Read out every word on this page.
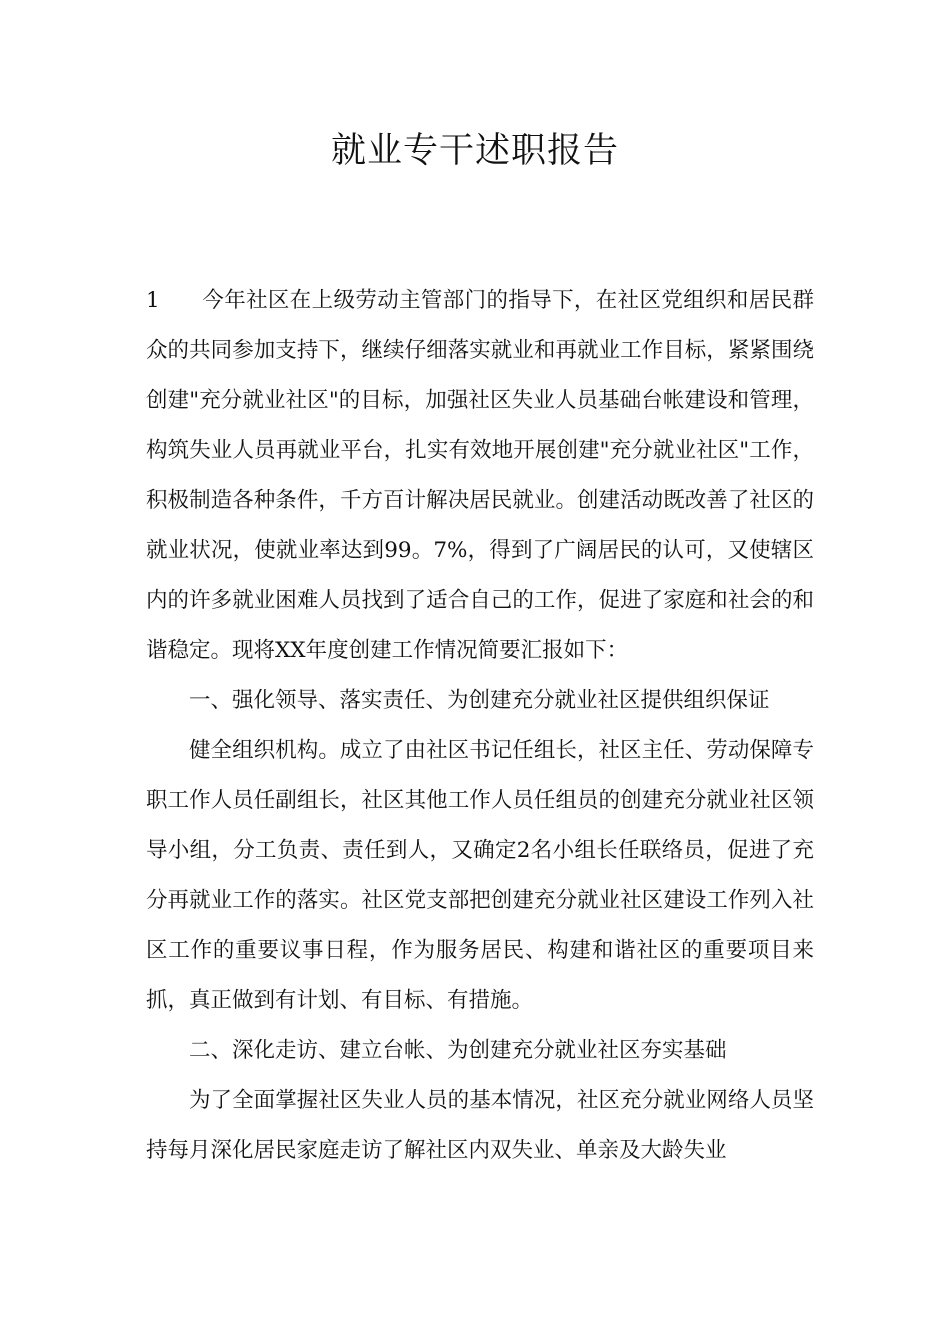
就业专干述职报告

1 今年社区在上级劳动主管部门的指导下，在社区党组织和居民群众的共同参加支持下，继续仔细落实就业和再就业工作目标，紧紧围绕创建"充分就业社区"的目标，加强社区失业人员基础台帐建设和管理，构筑失业人员再就业平台，扎实有效地开展创建"充分就业社区"工作，积极制造各种条件，千方百计解决居民就业。创建活动既改善了社区的就业状况，使就业率达到99。7%，得到了广阔居民的认可，又使辖区内的许多就业困难人员找到了适合自己的工作，促进了家庭和社会的和谐稳定。现将XX年度创建工作情况简要汇报如下：

一、强化领导、落实责任、为创建充分就业社区提供组织保证

健全组织机构。成立了由社区书记任组长，社区主任、劳动保障专职工作人员任副组长，社区其他工作人员任组员的创建充分就业社区领导小组，分工负责、责任到人，又确定2名小组长任联络员，促进了充分再就业工作的落实。社区党支部把创建充分就业社区建设工作列入社区工作的重要议事日程，作为服务居民、构建和谐社区的重要项目来抓，真正做到有计划、有目标、有措施。

二、深化走访、建立台帐、为创建充分就业社区夯实基础

为了全面掌握社区失业人员的基本情况，社区充分就业网络人员坚持每月深化居民家庭走访了解社区内双失业、单亲及大龄失业
